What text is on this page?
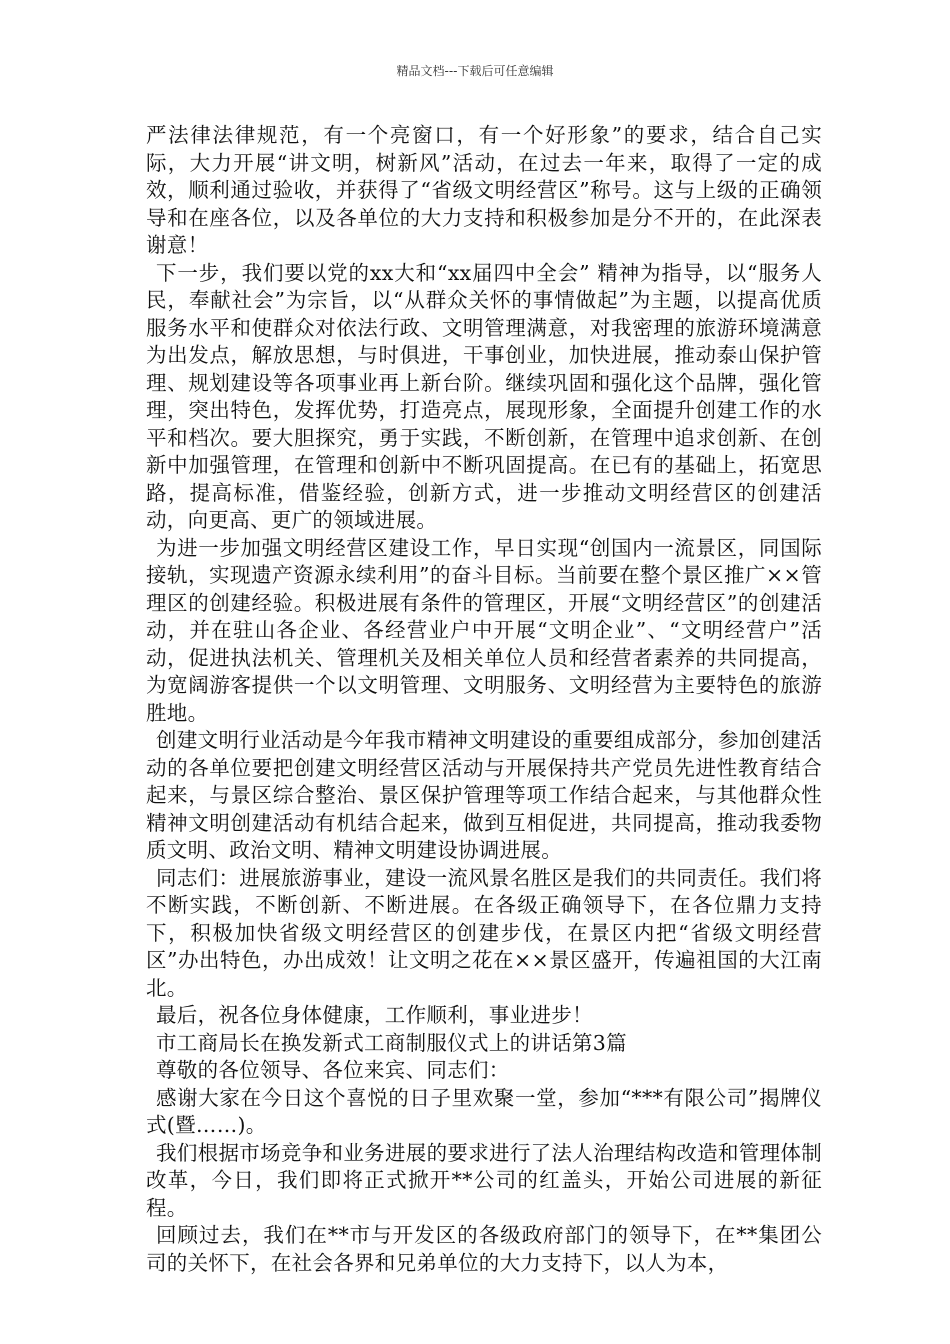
精品文档---下载后可任意编辑

严法律法律规范，有一个亮窗口，有一个好形象”的要求，结合自己实际，大力开展“讲文明，树新风”活动，在过去一年来，取得了一定的成效，顺利通过验收，并获得了“省级文明经营区”称号。这与上级的正确领导和在座各位，以及各单位的大力支持和积极参加是分不开的，在此深表谢意！

下一步，我们要以党的xx大和“xx届四中全会” 精神为指导，以“服务人民，奉献社会”为宗旨，以“从群众关怀的事情做起”为主题，以提高优质服务水平和使群众对依法行政、文明管理满意，对我密理的旅游环境满意为出发点，解放思想，与时俱进，干事创业，加快进展，推动泰山保护管理、规划建设等各项事业再上新台阶。继续巩固和强化这个品牌，强化管理，突出特色，发挥优势，打造亮点，展现形象，全面提升创建工作的水平和档次。要大胆探究，勇于实践，不断创新，在管理中追求创新、在创新中加强管理，在管理和创新中不断巩固提高。在已有的基础上，拓宽思路，提高标准，借鉴经验，创新方式，进一步推动文明经营区的创建活动，向更高、更广的领域进展。

为进一步加强文明经营区建设工作，早日实现“创国内一流景区，同国际接轨，实现遗产资源永续利用”的奋斗目标。当前要在整个景区推广××管理区的创建经验。积极进展有条件的管理区，开展“文明经营区”的创建活动，并在驻山各企业、各经营业户中开展“文明企业”、“文明经营户”活动，促进执法机关、管理机关及相关单位人员和经营者素养的共同提高，为宽阔游客提供一个以文明管理、文明服务、文明经营为主要特色的旅游胜地。

创建文明行业活动是今年我市精神文明建设的重要组成部分，参加创建活动的各单位要把创建文明经营区活动与开展保持共产党员先进性教育结合起来，与景区综合整治、景区保护管理等项工作结合起来，与其他群众性精神文明创建活动有机结合起来，做到互相促进，共同提高，推动我委物质文明、政治文明、精神文明建设协调进展。

同志们：进展旅游事业，建设一流风景名胜区是我们的共同责任。我们将不断实践，不断创新、不断进展。在各级正确领导下，在各位鼎力支持下，积极加快省级文明经营区的创建步伐，在景区内把“省级文明经营区”办出特色，办出成效！让文明之花在××景区盛开，传遍祖国的大江南北。

最后，祝各位身体健康，工作顺利，事业进步！

市工商局长在换发新式工商制服仪式上的讲话第3篇

尊敬的各位领导、各位来宾、同志们：

感谢大家在今日这个喜悦的日子里欢聚一堂，参加“***有限公司”揭牌仪式(暨……)。

我们根据市场竞争和业务进展的要求进行了法人治理结构改造和管理体制改革，今日，我们即将正式掀开**公司的红盖头，开始公司进展的新征程。

回顾过去，我们在**市与开发区的各级政府部门的领导下，在**集团公司的关怀下，在社会各界和兄弟单位的大力支持下，以人为本，
